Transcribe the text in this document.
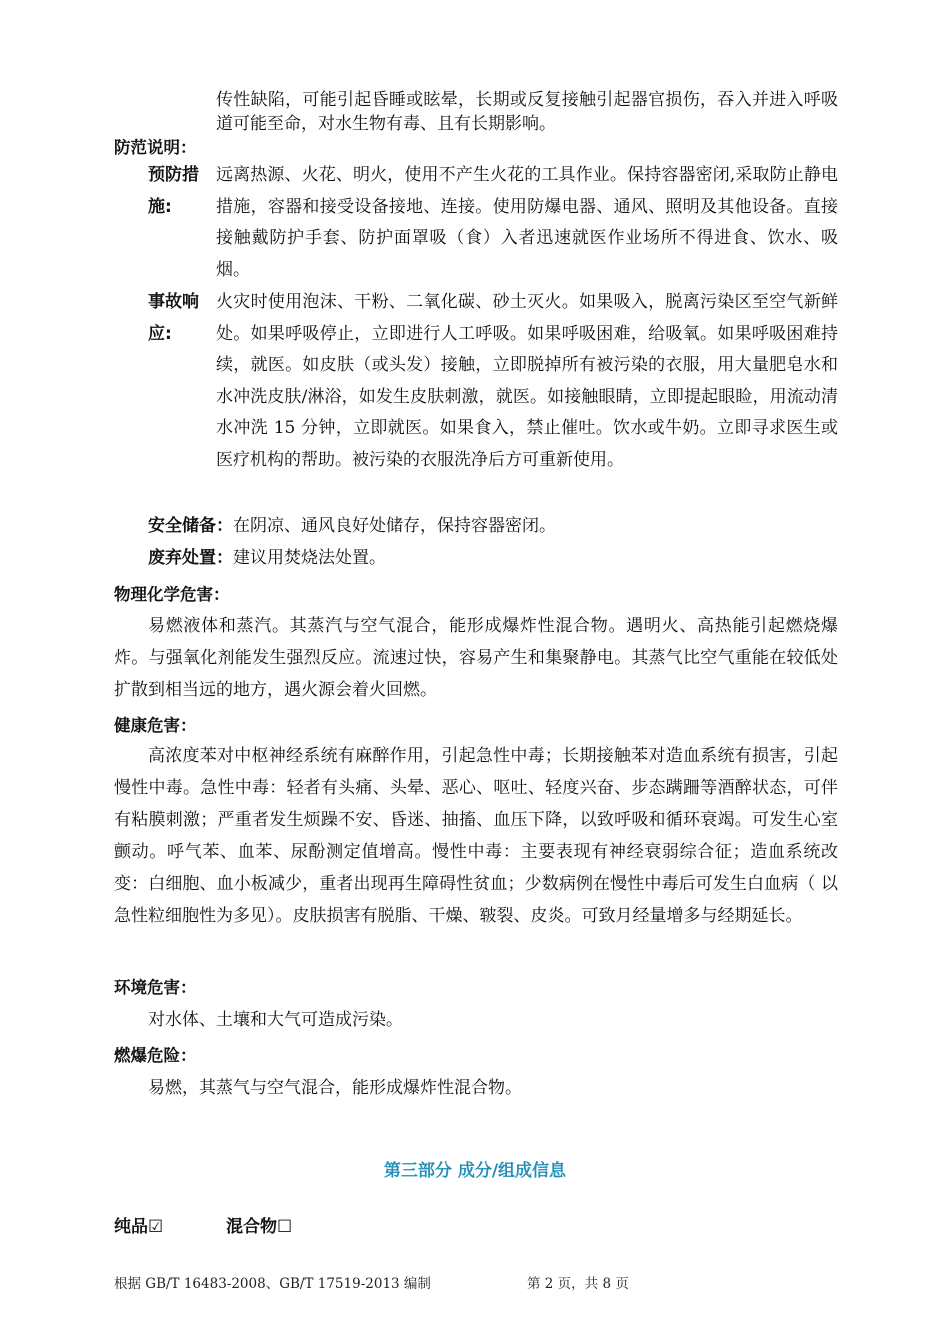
传性缺陷，可能引起昏睡或眩晕，长期或反复接触引起器官损伤，吞入并进入呼吸道可能至命，对水生物有毒、且有长期影响。
防范说明：
预防措施:
远离热源、火花、明火，使用不产生火花的工具作业。保持容器密闭,采取防止静电措施，容器和接受设备接地、连接。使用防爆电器、通风、照明及其他设备。直接接触戴防护手套、防护面罩吸（食）入者迅速就医作业场所不得进食、饮水、吸烟。
事故响应:
火灾时使用泡沫、干粉、二氧化碳、砂土灭火。如果吸入，脱离污染区至空气新鲜处。如果呼吸停止，立即进行人工呼吸。如果呼吸困难，给吸氧。如果呼吸困难持续，就医。如皮肤（或头发）接触，立即脱掉所有被污染的衣服，用大量肥皂水和水冲洗皮肤/淋浴，如发生皮肤刺激，就医。如接触眼睛，立即提起眼睑，用流动清水冲洗 15 分钟，立即就医。如果食入，禁止催吐。饮水或牛奶。立即寻求医生或医疗机构的帮助。被污染的衣服洗净后方可重新使用。
安全储备：在阴凉、通风良好处储存，保持容器密闭。
废弃处置：建议用焚烧法处置。
物理化学危害：
易燃液体和蒸汽。其蒸汽与空气混合，能形成爆炸性混合物。遇明火、高热能引起燃烧爆炸。与强氧化剂能发生强烈反应。流速过快，容易产生和集聚静电。其蒸气比空气重能在较低处扩散到相当远的地方，遇火源会着火回燃。
健康危害：
高浓度苯对中枢神经系统有麻醉作用，引起急性中毒；长期接触苯对造血系统有损害，引起慢性中毒。急性中毒：轻者有头痛、头晕、恶心、呕吐、轻度兴奋、步态蹒跚等酒醉状态，可伴有粘膜刺激；严重者发生烦躁不安、昏迷、抽搐、血压下降，以致呼吸和循环衰竭。可发生心室颤动。呼气苯、血苯、尿酚测定值增高。慢性中毒：主要表现有神经衰弱综合征；造血系统改变：白细胞、血小板减少，重者出现再生障碍性贫血；少数病例在慢性中毒后可发生白血病（ 以急性粒细胞性为多见）。皮肤损害有脱脂、干燥、皲裂、皮炎。可致月经量增多与经期延长。
环境危害：
对水体、土壤和大气可造成污染。
燃爆危险：
易燃，其蒸气与空气混合，能形成爆炸性混合物。
第三部分 成分/组成信息
纯品☑	混合物☐
根据 GB/T 16483-2008、GB/T 17519-2013 编制	第 2 页，共 8 页
